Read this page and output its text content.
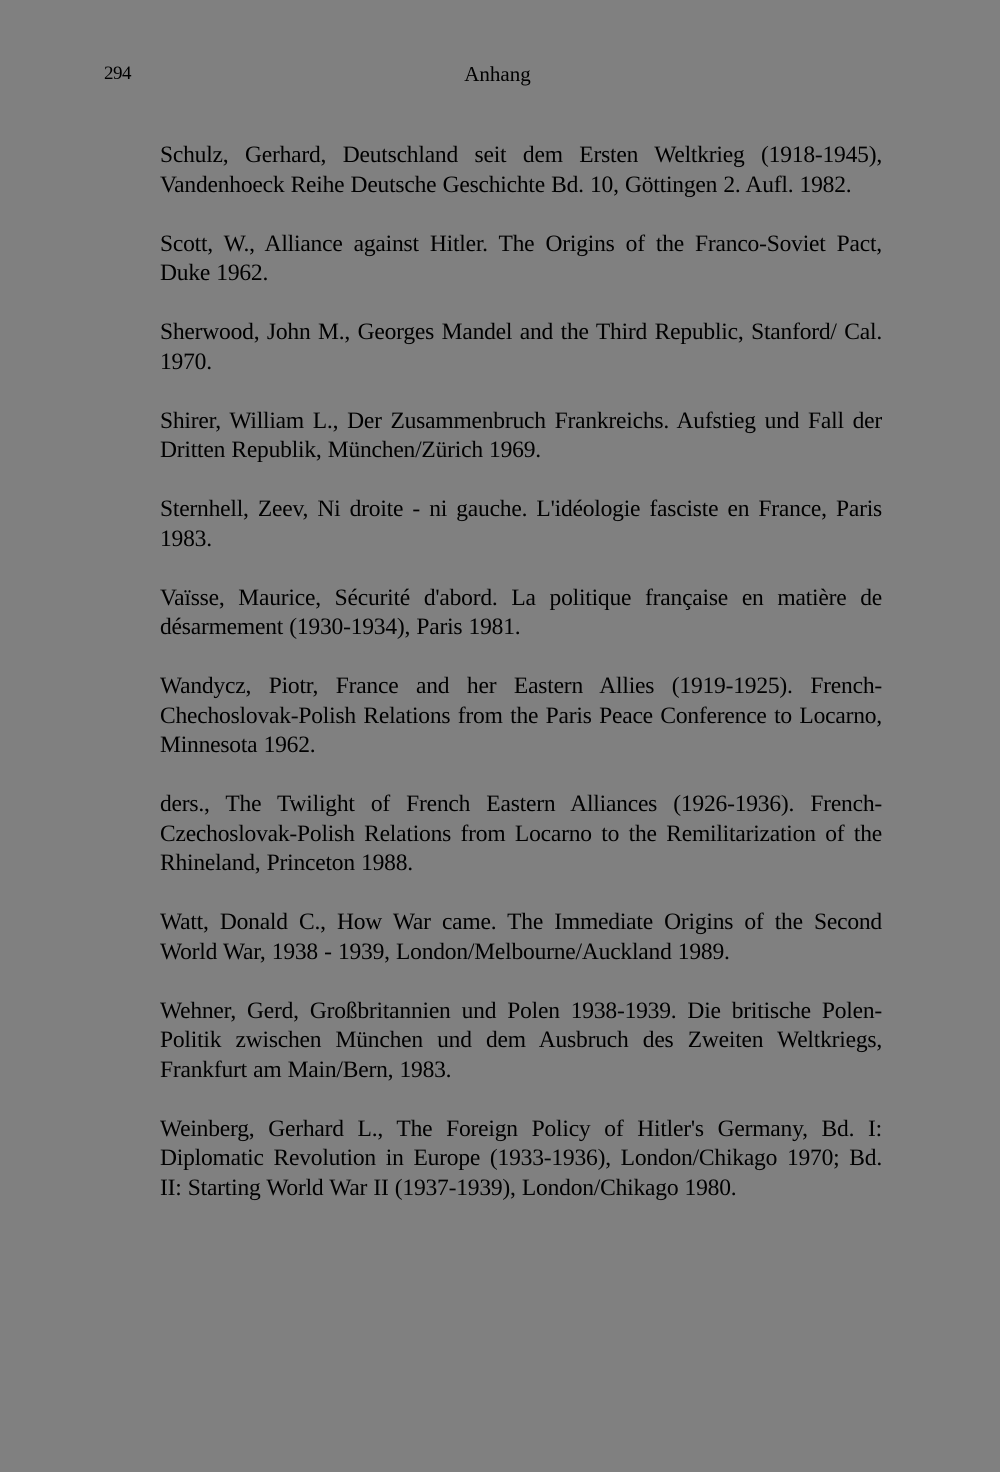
294	Anhang
Schulz, Gerhard, Deutschland seit dem Ersten Weltkrieg (1918-1945), Vandenhoeck Reihe Deutsche Geschichte Bd. 10, Göttingen 2. Aufl. 1982.
Scott, W., Alliance against Hitler. The Origins of the Franco-Soviet Pact, Duke 1962.
Sherwood, John M., Georges Mandel and the Third Republic, Stanford/ Cal. 1970.
Shirer, William L., Der Zusammenbruch Frankreichs. Aufstieg und Fall der Dritten Republik, München/Zürich 1969.
Sternhell, Zeev, Ni droite - ni gauche. L'idéologie fasciste en France, Paris 1983.
Vaïsse, Maurice, Sécurité d'abord. La politique française en matière de désarmement (1930-1934), Paris 1981.
Wandycz, Piotr, France and her Eastern Allies (1919-1925). French-Chechoslovak-Polish Relations from the Paris Peace Conference to Locarno, Minnesota 1962.
ders., The Twilight of French Eastern Alliances (1926-1936). French-Czechoslovak-Polish Relations from Locarno to the Remilitarization of the Rhineland, Princeton 1988.
Watt, Donald C., How War came. The Immediate Origins of the Second World War, 1938 - 1939, London/Melbourne/Auckland 1989.
Wehner, Gerd, Großbritannien und Polen 1938-1939. Die britische Polen-Politik zwischen München und dem Ausbruch des Zweiten Weltkriegs, Frankfurt am Main/Bern, 1983.
Weinberg, Gerhard L., The Foreign Policy of Hitler's Germany, Bd. I: Diplomatic Revolution in Europe (1933-1936), London/Chikago 1970; Bd. II: Starting World War II (1937-1939), London/Chikago 1980.
